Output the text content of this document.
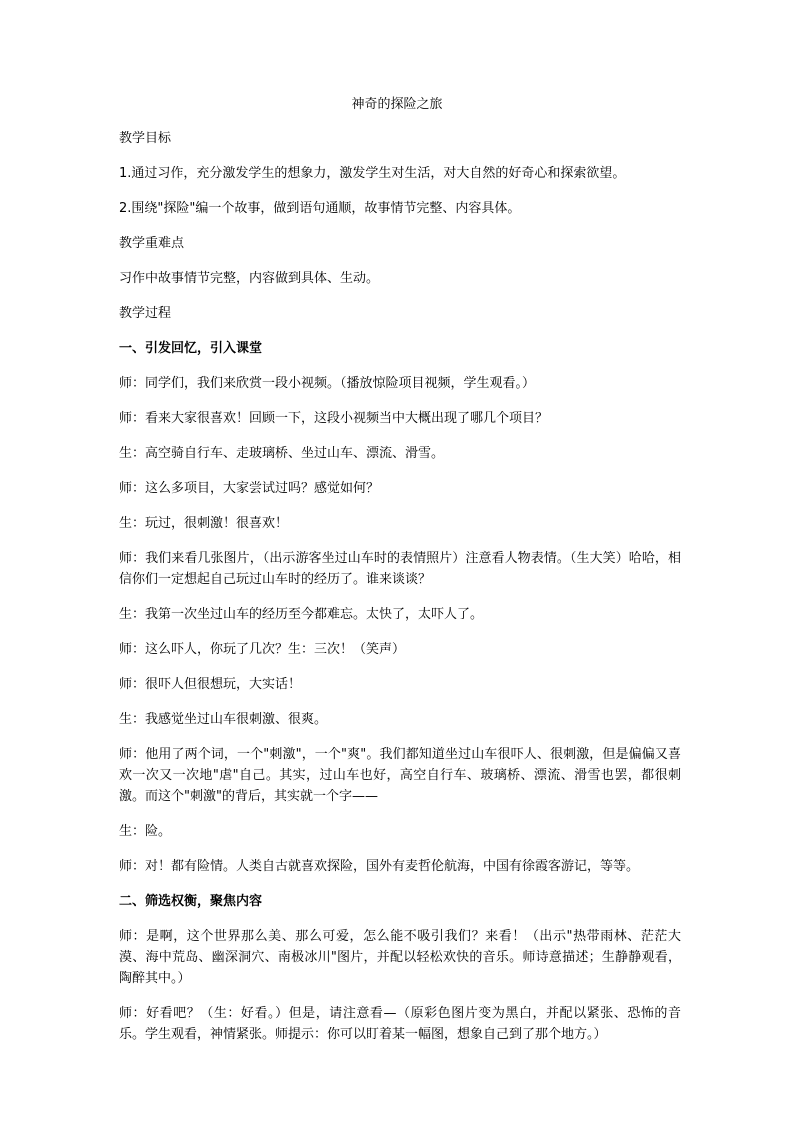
神奇的探险之旅

教学目标

1.通过习作，充分激发学生的想象力，激发学生对生活，对大自然的好奇心和探索欲望。

2.围绕"探险"编一个故事，做到语句通顺，故事情节完整、内容具体。

教学重难点

习作中故事情节完整，内容做到具体、生动。

教学过程

一、引发回忆，引入课堂

师：同学们，我们来欣赏一段小视频。（播放惊险项目视频，学生观看。）

师：看来大家很喜欢！回顾一下，这段小视频当中大概出现了哪几个项目？

生：高空骑自行车、走玻璃桥、坐过山车、漂流、滑雪。

师：这么多项目，大家尝试过吗？感觉如何？

生：玩过，很刺激！很喜欢！

师：我们来看几张图片，（出示游客坐过山车时的表情照片）注意看人物表情。（生大笑）哈哈，相信你们一定想起自己玩过山车时的经历了。谁来谈谈？

生：我第一次坐过山车的经历至今都难忘。太快了，太吓人了。

师：这么吓人，你玩了几次？生：三次！（笑声）

师：很吓人但很想玩，大实话！

生：我感觉坐过山车很刺激、很爽。

师：他用了两个词，一个"刺激"，一个"爽"。我们都知道坐过山车很吓人、很刺激，但是偏偏又喜欢一次又一次地"虐"自己。其实，过山车也好，高空自行车、玻璃桥、漂流、滑雪也罢，都很刺激。而这个"刺激"的背后，其实就一个字——

生：险。

师：对！都有险情。人类自古就喜欢探险，国外有麦哲伦航海，中国有徐霞客游记，等等。

二、筛选权衡，聚焦内容

师：是啊，这个世界那么美、那么可爱，怎么能不吸引我们？来看！（出示"热带雨林、茫茫大漠、海中荒岛、幽深洞穴、南极冰川"图片，并配以轻松欢快的音乐。师诗意描述；生静静观看，陶醉其中。）

师：好看吧？（生：好看。）但是，请注意看—（原彩色图片变为黑白，并配以紧张、恐怖的音乐。学生观看，神情紧张。师提示：你可以盯着某一幅图，想象自己到了那个地方。）
